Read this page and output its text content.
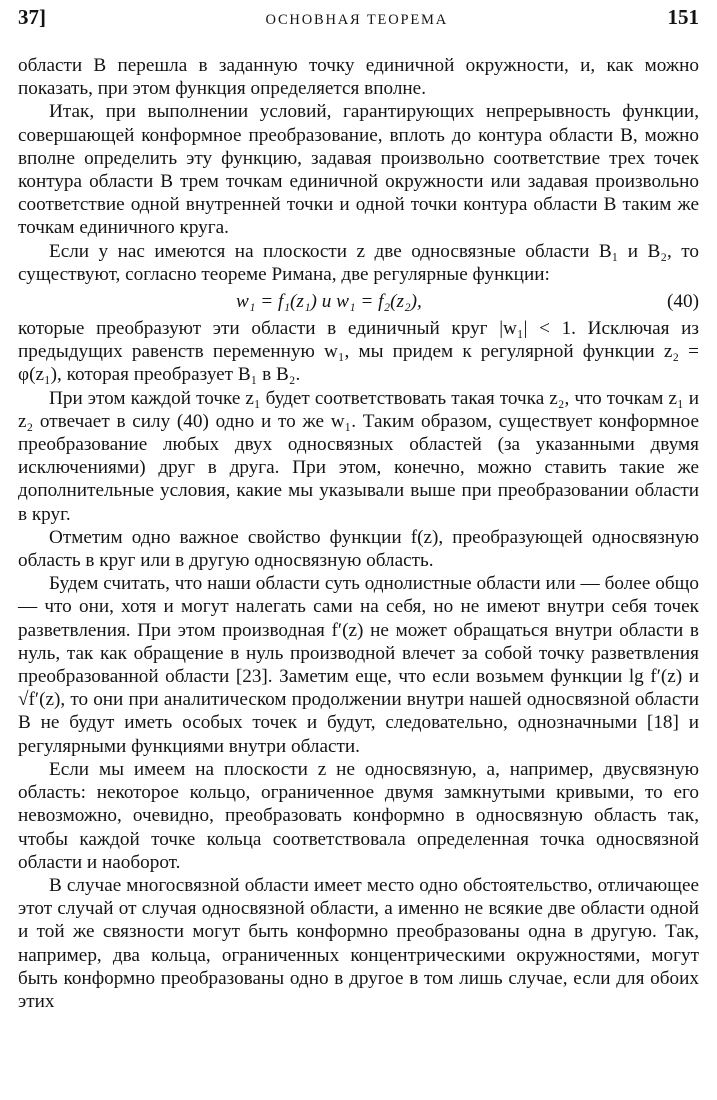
37]	ОСНОВНАЯ ТЕОРЕМА	151

области B перешла в заданную точку единичной окружности, и, как можно показать, при этом функция определяется вполне.

Итак, при выполнении условий, гарантирующих непрерывность функции, совершающей конформное преобразование, вплоть до контура области B, можно вполне определить эту функцию, задавая произвольно соответствие трех точек контура области B трем точкам единичной окружности или задавая произвольно соответствие одной внутренней точки и одной точки контура области B таким же точкам единичного круга.

Если у нас имеются на плоскости z две односвязные области B₁ и B₂, то существуют, согласно теореме Римана, две регулярные функции:

w₁ = f₁(z₁) и w₁ = f₂(z₂),	(40)

которые преобразуют эти области в единичный круг |w₁| < 1. Исключая из предыдущих равенств переменную w₁, мы придем к регулярной функции z₂ = φ(z₁), которая преобразует B₁ в B₂.

При этом каждой точке z₁ будет соответствовать такая точка z₂, что точкам z₁ и z₂ отвечает в силу (40) одно и то же w₁. Таким образом, существует конформное преобразование любых двух односвязных областей (за указанными двумя исключениями) друг в друга. При этом, конечно, можно ставить такие же дополнительные условия, какие мы указывали выше при преобразовании области в круг.

Отметим одно важное свойство функции f(z), преобразующей односвязную область в круг или в другую односвязную область.

Будем считать, что наши области суть однолистные области или — более общо — что они, хотя и могут налегать сами на себя, но не имеют внутри себя точек разветвления. При этом производная f′(z) не может обращаться внутри области в нуль, так как обращение в нуль производной влечет за собой точку разветвления преобразованной области [23]. Заметим еще, что если возьмем функции lg f′(z) и √f′(z), то они при аналитическом продолжении внутри нашей односвязной области B не будут иметь особых точек и будут, следовательно, однозначными [18] и регулярными функциями внутри области.

Если мы имеем на плоскости z не односвязную, а, например, двусвязную область: некоторое кольцо, ограниченное двумя замкнутыми кривыми, то его невозможно, очевидно, преобразовать конформно в односвязную область так, чтобы каждой точке кольца соответствовала определенная точка односвязной области и наоборот.

В случае многосвязной области имеет место одно обстоятельство, отличающее этот случай от случая односвязной области, а именно не всякие две области одной и той же связности могут быть конформно преобразованы одна в другую. Так, например, два кольца, ограниченных концентрическими окружностями, могут быть конформно преобразованы одно в другое в том лишь случае, если для обоих этих
